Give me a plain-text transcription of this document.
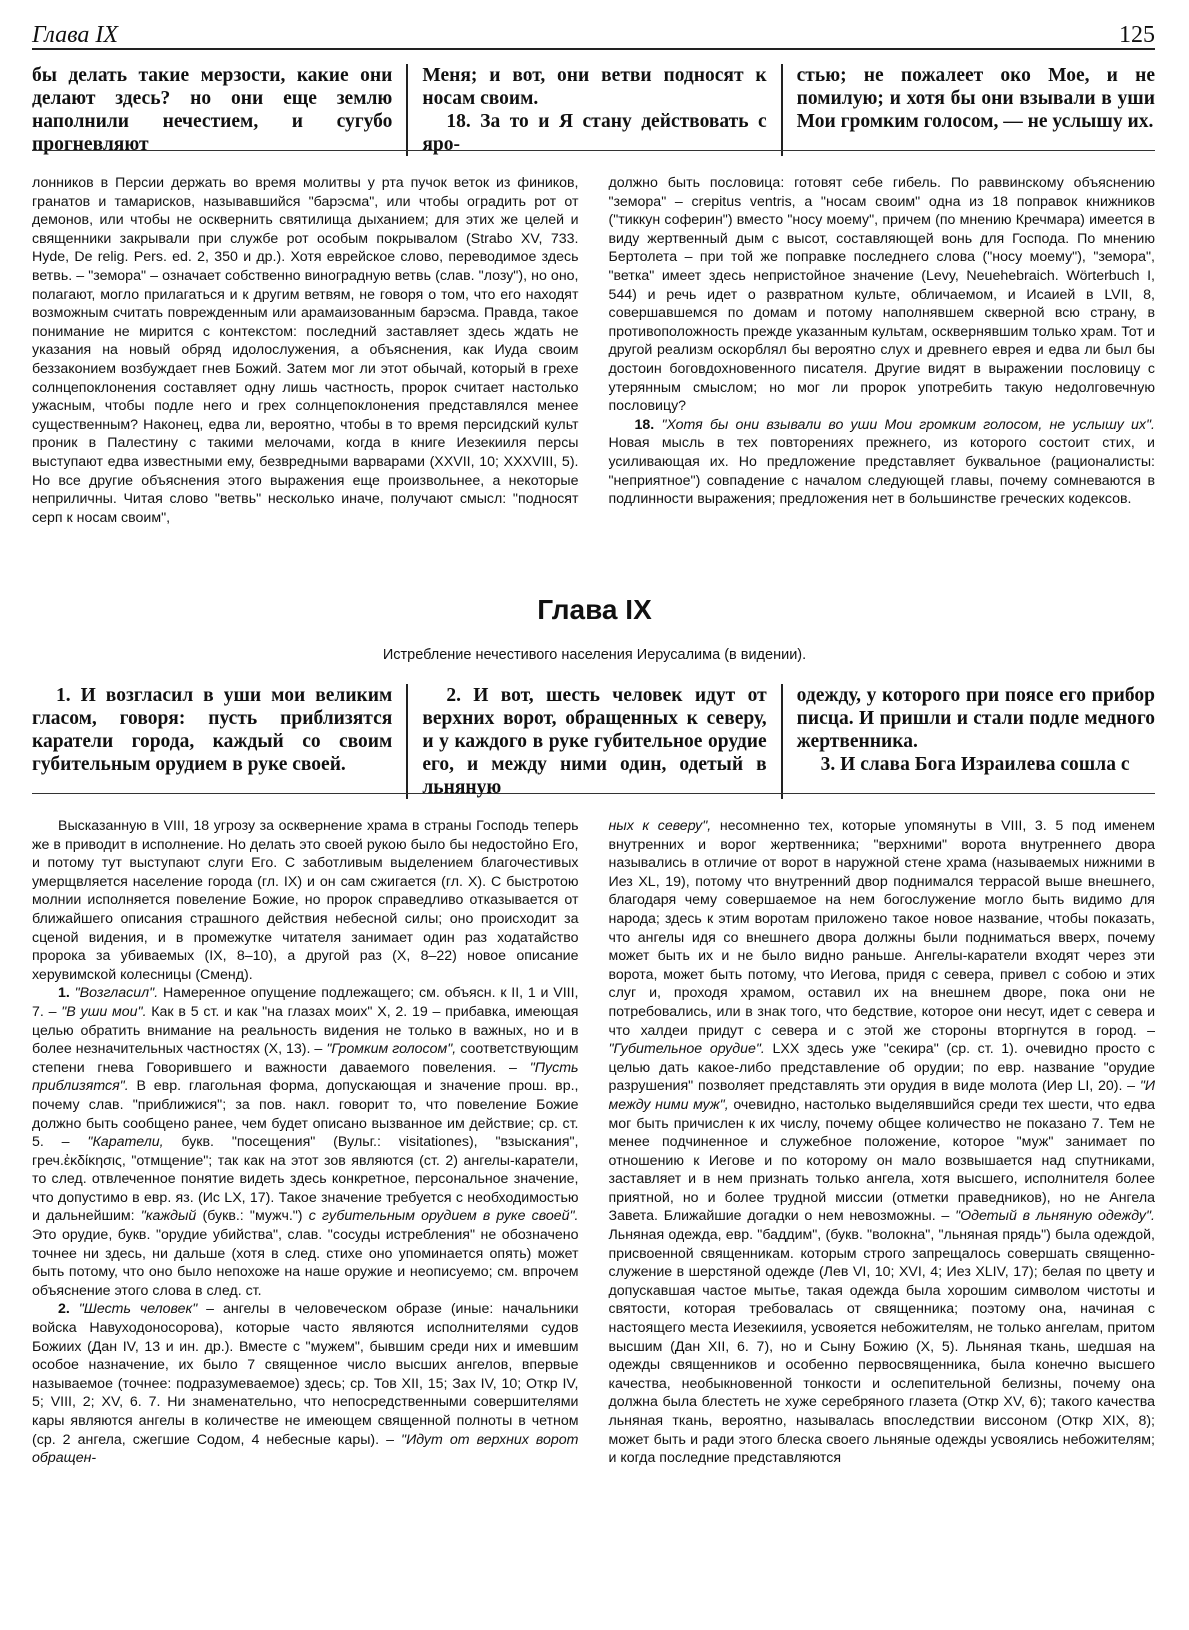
Глава IX	125

бы делать такие мерзости, какие они делают здесь? но они еще землю наполнили нечестием, и сугубо прогневляют

Меня; и вот, они ветви подносят к носам своим.

18. За то и Я стану действовать с яро-

стью; не пожалеет око Мое, и не помилую; и хотя бы они взывали в уши Мои громким голосом, — не услышу их.

лонников в Персии держать во время молитвы у рта пучок веток из фиников, гранатов и тамарисков, называвшийся "барэсма", или чтобы оградить рот от демонов, или чтобы не осквернить святилища дыханием; для этих же целей и священники закрывали при службе рот особым покрывалом (Strabo XV, 733. Hyde, De relig. Pers. ed. 2, 350 и др.). Хотя еврейское слово, переводимое здесь ветвь. – "земора" – означает собственно виноградную ветвь (слав. "лозу"), но оно, полагают, могло прилагаться и к другим ветвям, не говоря о том, что его находят возможным считать поврежденным или арамаизованным барэсма. Правда, такое понимание не мирится с контекстом: последний заставляет здесь ждать не указания на новый обряд идолослужения, а объяснения, как Иуда своим беззаконием возбуждает гнев Божий. Затем мог ли этот обычай, который в грехе солнцепоклонения составляет одну лишь частность, пророк считает настолько ужасным, чтобы подле него и грех солнцепоклонения представлялся менее существенным? Наконец, едва ли, вероятно, чтобы в то время персидский культ проник в Палестину с такими мелочами, когда в книге Иезекииля персы выступают едва известными ему, безвредными варварами (XXVII, 10; XXXVIII, 5). Но все другие объяснения этого выражения еще произвольнее, а некоторые неприличны. Читая слово "ветвь" несколько иначе, получают смысл: "подносят серп к носам своим",

должно быть пословица: готовят себе гибель. По раввинскому объяснению "земора" – crepitus ventris, а "носам своим" одна из 18 поправок книжников ("тиккун соферин") вместо "носу моему", причем (по мнению Кречмара) имеется в виду жертвенный дым с высот, составляющей вонь для Господа. По мнению Бертолета – при той же поправке последнего слова ("носу моему"), "земора", "ветка" имеет здесь непристойное значение (Levy, Neuehebraich. Wörterbuch I, 544) и речь идет о развратном культе, обличаемом, и Исаией в LVII, 8, совершавшемся по домам и потому наполнявшем скверной всю страну, в противоположность прежде указанным культам, осквернявшим только храм. Тот и другой реализм оскорблял бы вероятно слух и древнего еврея и едва ли был бы достоин боговдохновенного писателя. Другие видят в выражении пословицу с утерянным смыслом; но мог ли пророк употребить такую недолговечную пословицу?

18. "Хотя бы они взывали во уши Мои громким голосом, не услышу их". Новая мысль в тех повторениях прежнего, из которого состоит стих, и усиливающая их. Но предложение представляет буквальное (рационалисты: "неприятное") совпадение с началом следующей главы, почему сомневаются в подлинности выражения; предложения нет в большинстве греческих кодексов.

Глава IX
Истребление нечестивого населения Иерусалима (в видении).

1. И возгласил в уши мои великим гласом, говоря: пусть приблизятся каратели города, каждый со своим губительным орудием в руке своей.

2. И вот, шесть человек идут от верхних ворот, обращенных к северу, и у каждого в руке губительное орудие его, и между ними один, одетый в льняную

одежду, у которого при поясе его прибор писца. И пришли и стали подле медного жертвенника.

3. И слава Бога Израилева сошла с

Высказанную в VIII, 18 угрозу за осквернение храма в страны Господь теперь же в приводит в исполнение. Но делать это своей рукою было бы недостойно Его, и потому тут выступают слуги Его. С заботливым выделением благочестивых умерщвляется население города (гл. IX) и он сам сжигается (гл. X). С быстротою молнии исполняется повеление Божие, но пророк справедливо отказывается от ближайшего описания страшного действия небесной силы; оно происходит за сценой видения, и в промежутке читателя занимает один раз ходатайство пророка за убиваемых (IX, 8–10), а другой раз (X, 8–22) новое описание херувимской колесницы (Сменд).

1. "Возгласил". Намеренное опущение подлежащего; см. объясн. к II, 1 и VIII, 7. – "В уши мои". Как в 5 ст. и как "на глазах моих" X, 2. 19 – прибавка, имеющая целью обратить внимание на реальность видения не только в важных, но и в более незначительных частностях (X, 13). – "Громким голосом", соответствующим степени гнева Говорившего и важности даваемого повеления. – "Пусть приблизятся". В евр. глагольная форма, допускающая и значение прош. вр., почему слав. "приближися"; за пов. накл. говорит то, что повеление Божие должно быть сообщено ранее, чем будет описано вызванное им действие; ср. ст. 5. – "Каратели, букв. "посещения" (Вульг.: visitationes), "взыскания", греч.ἐκδίκησις, "отмщение"; так как на этот зов являются (ст. 2) ангелы-каратели, то след. отвлеченное понятие видеть здесь конкретное, персональное значение, что допустимо в евр. яз. (Ис LX, 17). Такое значение требуется с необходимостью и дальнейшим: "каждый (букв.: "мужч.") с губительным орудием в руке своей". Это орудие, букв. "орудие убийства", слав. "сосуды истребления" не обозначено точнее ни здесь, ни дальше (хотя в след. стихе оно упоминается опять) может быть потому, что оно было непохоже на наше оружие и неописуемо; см. впрочем объяснение этого слова в след. ст.

2. "Шесть человек" – ангелы в человеческом образе (иные: начальники войска Навуходоносорова), которые часто являются исполнителями судов Божиих (Дан IV, 13 и ин. др.). Вместе с "мужем", бывшим среди них и имевшим особое назначение, их было 7 священное число высших ангелов, впервые называемое (точнее: подразумеваемое) здесь; ср. Тов XII, 15; Зах IV, 10; Откр IV, 5; VIII, 2; XV, 6. 7. Ни знаменательно, что непосредственными совершителями кары являются ангелы в количестве не имеющем священной полноты в четном (ср. 2 ангела, сжегшие Содом, 4 небесные кары). – "Идут от верхних ворот обращен-

ных к северу", несомненно тех, которые упомянуты в VIII, 3. 5 под именем внутренних и ворог жертвенника; "верхними" ворота внутреннего двора назывались в отличие от ворот в наружной стене храма (называемых нижними в Иез XL, 19), потому что внутренний двор поднимался террасой выше внешнего, благодаря чему совершаемое на нем богослужение могло быть видимо для народа; здесь к этим воротам приложено такое новое название, чтобы показать, что ангелы идя со внешнего двора должны были подниматься вверх, почему может быть их и не было видно раньше. Ангелы-каратели входят через эти ворота, может быть потому, что Иегова, придя с севера, привел с собою и этих слуг и, проходя храмом, оставил их на внешнем дворе, пока они не потребовались, или в знак того, что бедствие, которое они несут, идет с севера и что халдеи придут с севера и с этой же стороны вторгнутся в город. – "Губительное орудие". LXX здесь уже "секира" (ср. ст. 1). очевидно просто с целью дать какое-либо представление об орудии; по евр. название "орудие разрушения" позволяет представлять эти орудия в виде молота (Иер LI, 20). – "И между ними муж", очевидно, настолько выделявшийся среди тех шести, что едва мог быть причислен к их числу, почему общее количество не показано 7. Тем не менее подчиненное и служебное положение, которое "муж" занимает по отношению к Иегове и по которому он мало возвышается над спутниками, заставляет и в нем признать только ангела, хотя высшего, исполнителя более приятной, но и более трудной миссии (отметки праведников), но не Ангела Завета. Ближайшие догадки о нем невозможны. – "Одетый в льняную одежду". Льняная одежда, евр. "баддим", (букв. "волокна", "льняная прядь") была одеждой, присвоенной священникам. которым строго запрещалось совершать священно-служение в шерстяной одежде (Лев VI, 10; XVI, 4; Иез XLIV, 17); белая по цвету и допускавшая частое мытье, такая одежда была хорошим символом чистоты и святости, которая требовалась от священника; поэтому она, начиная с настоящего места Иезекииля, усвояется небожителям, не только ангелам, притом высшим (Дан XII, 6. 7), но и Сыну Божию (X, 5). Льняная ткань, шедшая на одежды священников и особенно первосвященника, была конечно высшего качества, необыкновенной тонкости и ослепительной белизны, почему она должна была блестеть не хуже серебряного глазета (Откр XV, 6); такого качества льняная ткань, вероятно, называлась впоследствии виссоном (Откр XIX, 8); может быть и ради этого блеска своего льняные одежды усвоялись небожителям; и когда последние представляются
